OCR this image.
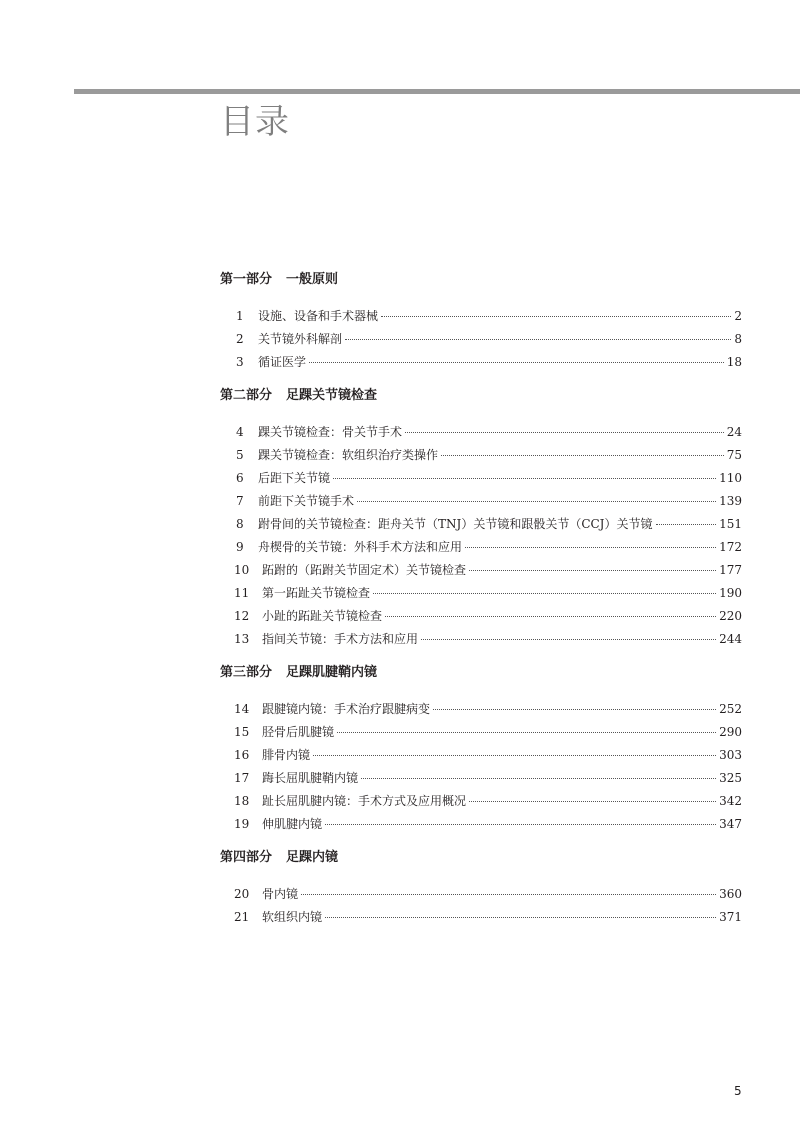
目录
第一部分 一般原则
1	设施、设备和手术器械	2
2	关节镜外科解剖	8
3	循证医学	18
第二部分 足踝关节镜检查
4	踝关节镜检查：骨关节手术	24
5	踝关节镜检查：软组织治疗类操作	75
6	后距下关节镜	110
7	前距下关节镜手术	139
8	跗骨间的关节镜检查：距舟关节（TNJ）关节镜和跟骰关节（CCJ）关节镜	151
9	舟楔骨的关节镜：外科手术方法和应用	172
10	跖跗的（跖跗关节固定术）关节镜检查	177
11	第一跖趾关节镜检查	190
12	小趾的跖趾关节镜检查	220
13	指间关节镜：手术方法和应用	244
第三部分 足踝肌腱鞘内镜
14	跟腱镜内镜：手术治疗跟腱病变	252
15	胫骨后肌腱镜	290
16	腓骨内镜	303
17	踇长屈肌腱鞘内镜	325
18	趾长屈肌腱内镜：手术方式及应用概况	342
19	伸肌腱内镜	347
第四部分 足踝内镜
20	骨内镜	360
21	软组织内镜	371
5
